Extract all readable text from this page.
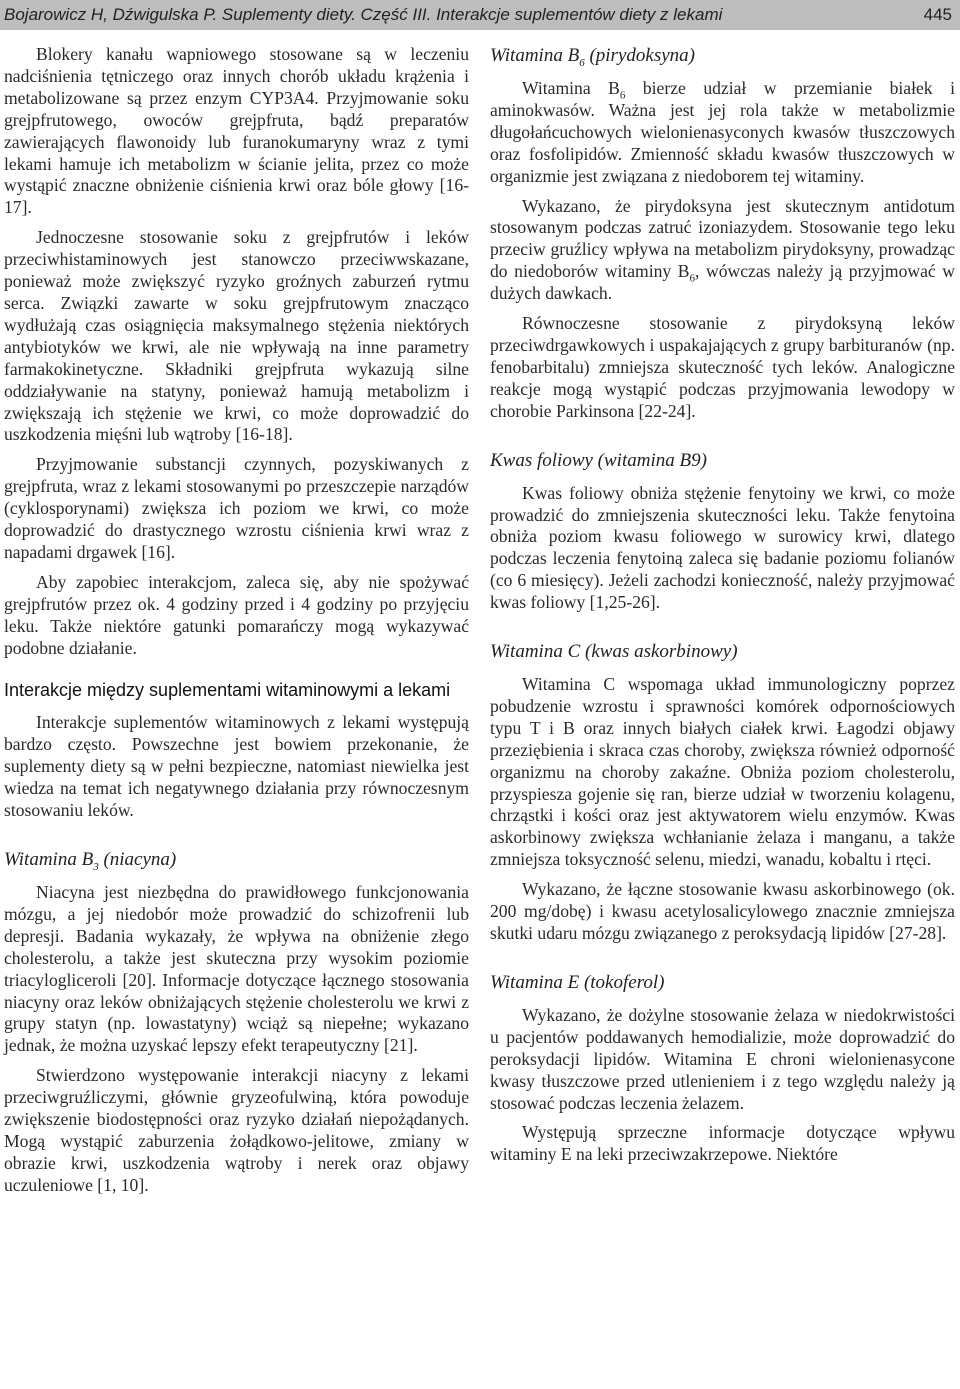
Bojarowicz H, Dźwigulska P. Suplementy diety. Część III. Interakcje suplementów diety z lekami	445

Blokery kanału wapniowego stosowane są w leczeniu nadciśnienia tętniczego oraz innych chorób układu krążenia i metabolizowane są przez enzym CYP3A4. Przyjmowanie soku grejpfrutowego, owoców grejpfruta, bądź preparatów zawierających flawonoidy lub furanokumaryny wraz z tymi lekami hamuje ich metabolizm w ścianie jelita, przez co może wystąpić znaczne obniżenie ciśnienia krwi oraz bóle głowy [16-17].

Jednoczesne stosowanie soku z grejpfrutów i leków przeciwhistaminowych jest stanowczo przeciwwskazane, ponieważ może zwiększyć ryzyko groźnych zaburzeń rytmu serca. Związki zawarte w soku grejpfrutowym znacząco wydłużają czas osiągnięcia maksymalnego stężenia niektórych antybiotyków we krwi, ale nie wpływają na inne parametry farmakokinetyczne. Składniki grejpfruta wykazują silne oddziaływanie na statyny, ponieważ hamują metabolizm i zwiększają ich stężenie we krwi, co może doprowadzić do uszkodzenia mięśni lub wątroby [16-18].

Przyjmowanie substancji czynnych, pozyskiwanych z grejpfruta, wraz z lekami stosowanymi po przeszczepie narządów (cyklosporynami) zwiększa ich poziom we krwi, co może doprowadzić do drastycznego wzrostu ciśnienia krwi wraz z napadami drgawek [16].

Aby zapobiec interakcjom, zaleca się, aby nie spożywać grejpfrutów przez ok. 4 godziny przed i 4 godziny po przyjęciu leku. Także niektóre gatunki pomarańczy mogą wykazywać podobne działanie.

Interakcje między suplementami witaminowymi a lekami

Interakcje suplementów witaminowych z lekami występują bardzo często. Powszechne jest bowiem przekonanie, że suplementy diety są w pełni bezpieczne, natomiast niewielka jest wiedza na temat ich negatywnego działania przy równoczesnym stosowaniu leków.

Witamina $B_3$ (niacyna)

Niacyna jest niezbędna do prawidłowego funkcjonowania mózgu, a jej niedobór może prowadzić do schizofrenii lub depresji. Badania wykazały, że wpływa na obniżenie złego cholesterolu, a także jest skuteczna przy wysokim poziomie triacylogliceroli [20]. Informacje dotyczące łącznego stosowania niacyny oraz leków obniżających stężenie cholesterolu we krwi z grupy statyn (np. lowastatyny) wciąż są niepełne; wykazano jednak, że można uzyskać lepszy efekt terapeutyczny [21].

Stwierdzono występowanie interakcji niacyny z lekami przeciwgruźliczymi, głównie gryzeofulwiną, która powoduje zwiększenie biodostępności oraz ryzyko działań niepożądanych. Mogą wystąpić zaburzenia żołądkowo-jelitowe, zmiany w obrazie krwi, uszkodzenia wątroby i nerek oraz objawy uczuleniowe [1, 10].

Witamina $B_6$ (pirydoksyna)

Witamina $B_6$ bierze udział w przemianie białek i aminokwasów. Ważna jest jej rola także w metabolizmie długołańcuchowych wielonienasyconych kwasów tłuszczowych oraz fosfolipidów. Zmienność składu kwasów tłuszczowych w organizmie jest związana z niedoborem tej witaminy.

Wykazano, że pirydoksyna jest skutecznym antidotum stosowanym podczas zatruć izoniazydem. Stosowanie tego leku przeciw gruźlicy wpływa na metabolizm pirydoksyny, prowadząc do niedoborów witaminy $B_6$, wówczas należy ją przyjmować w dużych dawkach.

Równoczesne stosowanie z pirydoksyną leków przeciwdrgawkowych i uspakajających z grupy barbituranów (np. fenobarbitalu) zmniejsza skuteczność tych leków. Analogiczne reakcje mogą wystąpić podczas przyjmowania lewodopy w chorobie Parkinsona [22-24].

Kwas foliowy (witamina B9)

Kwas foliowy obniża stężenie fenytoiny we krwi, co może prowadzić do zmniejszenia skuteczności leku. Także fenytoina obniża poziom kwasu foliowego w surowicy krwi, dlatego podczas leczenia fenytoiną zaleca się badanie poziomu folianów (co 6 miesięcy). Jeżeli zachodzi konieczność, należy przyjmować kwas foliowy [1,25-26].

Witamina C (kwas askorbinowy)

Witamina C wspomaga układ immunologiczny poprzez pobudzenie wzrostu i sprawności komórek odpornościowych typu T i B oraz innych białych ciałek krwi. Łagodzi objawy przeziębienia i skraca czas choroby, zwiększa również odporność organizmu na choroby zakaźne. Obniża poziom cholesterolu, przyspiesza gojenie się ran, bierze udział w tworzeniu kolagenu, chrząstki i kości oraz jest aktywatorem wielu enzymów. Kwas askorbinowy zwiększa wchłanianie żelaza i manganu, a także zmniejsza toksyczność selenu, miedzi, wanadu, kobaltu i rtęci.

Wykazano, że łączne stosowanie kwasu askorbinowego (ok. 200 mg/dobę) i kwasu acetylosalicylowego znacznie zmniejsza skutki udaru mózgu związanego z peroksydacją lipidów [27-28].

Witamina E (tokoferol)

Wykazano, że dożylne stosowanie żelaza w niedokrwistości u pacjentów poddawanych hemodializie, może doprowadzić do peroksydacji lipidów. Witamina E chroni wielonienasycone kwasy tłuszczowe przed utlenieniem i z tego względu należy ją stosować podczas leczenia żelazem.

Występują sprzeczne informacje dotyczące wpływu witaminy E na leki przeciwzakrzepowe. Niektóre
